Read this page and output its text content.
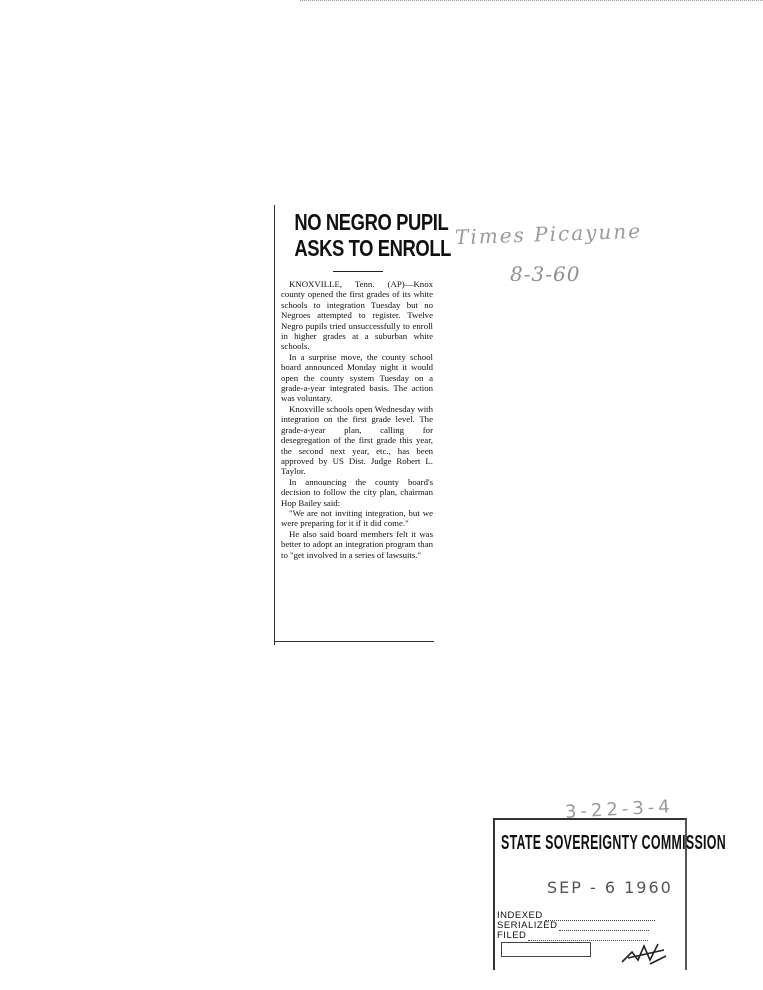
NO NEGRO PUPIL

ASKS TO ENROLL

KNOXVILLE, Tenn. (AP)—Knox county opened the first grades of its white schools to integration Tuesday but no Negroes attempted to register. Twelve Negro pupils tried unsuccessfully to enroll in higher grades at a suburban white schools.

In a surprise move, the county school board announced Monday night it would open the county system Tuesday on a grade-a-year integrated basis. The action was voluntary.

Knoxville schools open Wednesday with integration on the first grade level. The grade-a-year plan, calling for desegregation of the first grade this year, the second next year, etc., has been approved by US Dist. Judge Robert L. Taylor.

In announcing the county board's decision to follow the city plan, chairman Hop Bailey said:

"We are not inviting integration, but we were preparing for it if it did come."

He also said board members felt it was better to adopt an integration program than to "get involved in a series of lawsuits."

Times Picayune
8-3-60
3-22-3-4
STATE SOVEREIGNTY COMMISSION
SEP - 6 1960
INDEXED
SERIALIZED
FILED
